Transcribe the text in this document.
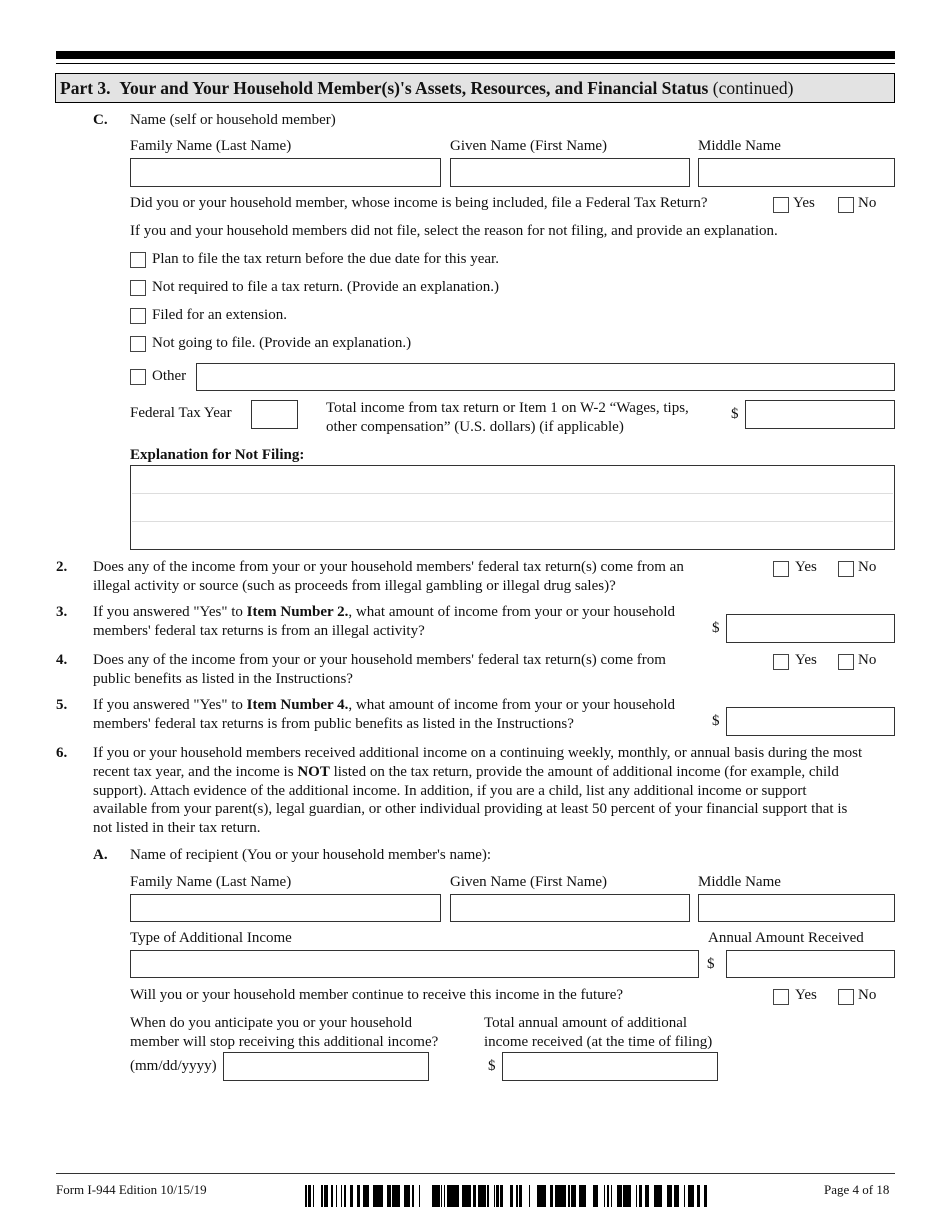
Part 3. Your and Your Household Member(s)'s Assets, Resources, and Financial Status (continued)
C. Name (self or household member)
Family Name (Last Name)	Given Name (First Name)	Middle Name
Did you or your household member, whose income is being included, file a Federal Tax Return?	Yes	No
If you and your household members did not file, select the reason for not filing, and provide an explanation.
Plan to file the tax return before the due date for this year.
Not required to file a tax return. (Provide an explanation.)
Filed for an extension.
Not going to file. (Provide an explanation.)
Other
Federal Tax Year	Total income from tax return or Item 1 on W-2 “Wages, tips,
other compensation” (U.S. dollars) (if applicable)
$
Explanation for Not Filing:
2. Does any of the income from your or your household members' federal tax return(s) come from an
illegal activity or source (such as proceeds from illegal gambling or illegal drug sales)?
Yes	No
3. If you answered "Yes" to Item Number 2., what amount of income from your or your household
members' federal tax returns is from an illegal activity?	$
4. Does any of the income from your or your household members' federal tax return(s) come from
public benefits as listed in the Instructions?
Yes	No
5. If you answered "Yes" to Item Number 4., what amount of income from your or your household
members' federal tax returns is from public benefits as listed in the Instructions?	$
6. If you or your household members received additional income on a continuing weekly, monthly, or annual basis during the most
recent tax year, and the income is NOT listed on the tax return, provide the amount of additional income (for example, child
support). Attach evidence of the additional income. In addition, if you are a child, list any additional income or support
available from your parent(s), legal guardian, or other individual providing at least 50 percent of your financial support that is
not listed in their tax return.
A. Name of recipient (You or your household member's name):
Family Name (Last Name)	Given Name (First Name)	Middle Name
Type of Additional Income	Annual Amount Received
$
Will you or your household member continue to receive this income in the future?	Yes	No
When do you anticipate you or your household
member will stop receiving this additional income?
(mm/dd/yyyy)
Total annual amount of additional
income received (at the time of filing)
$
Form I-944 Edition 10/15/19	Page 4 of 18
